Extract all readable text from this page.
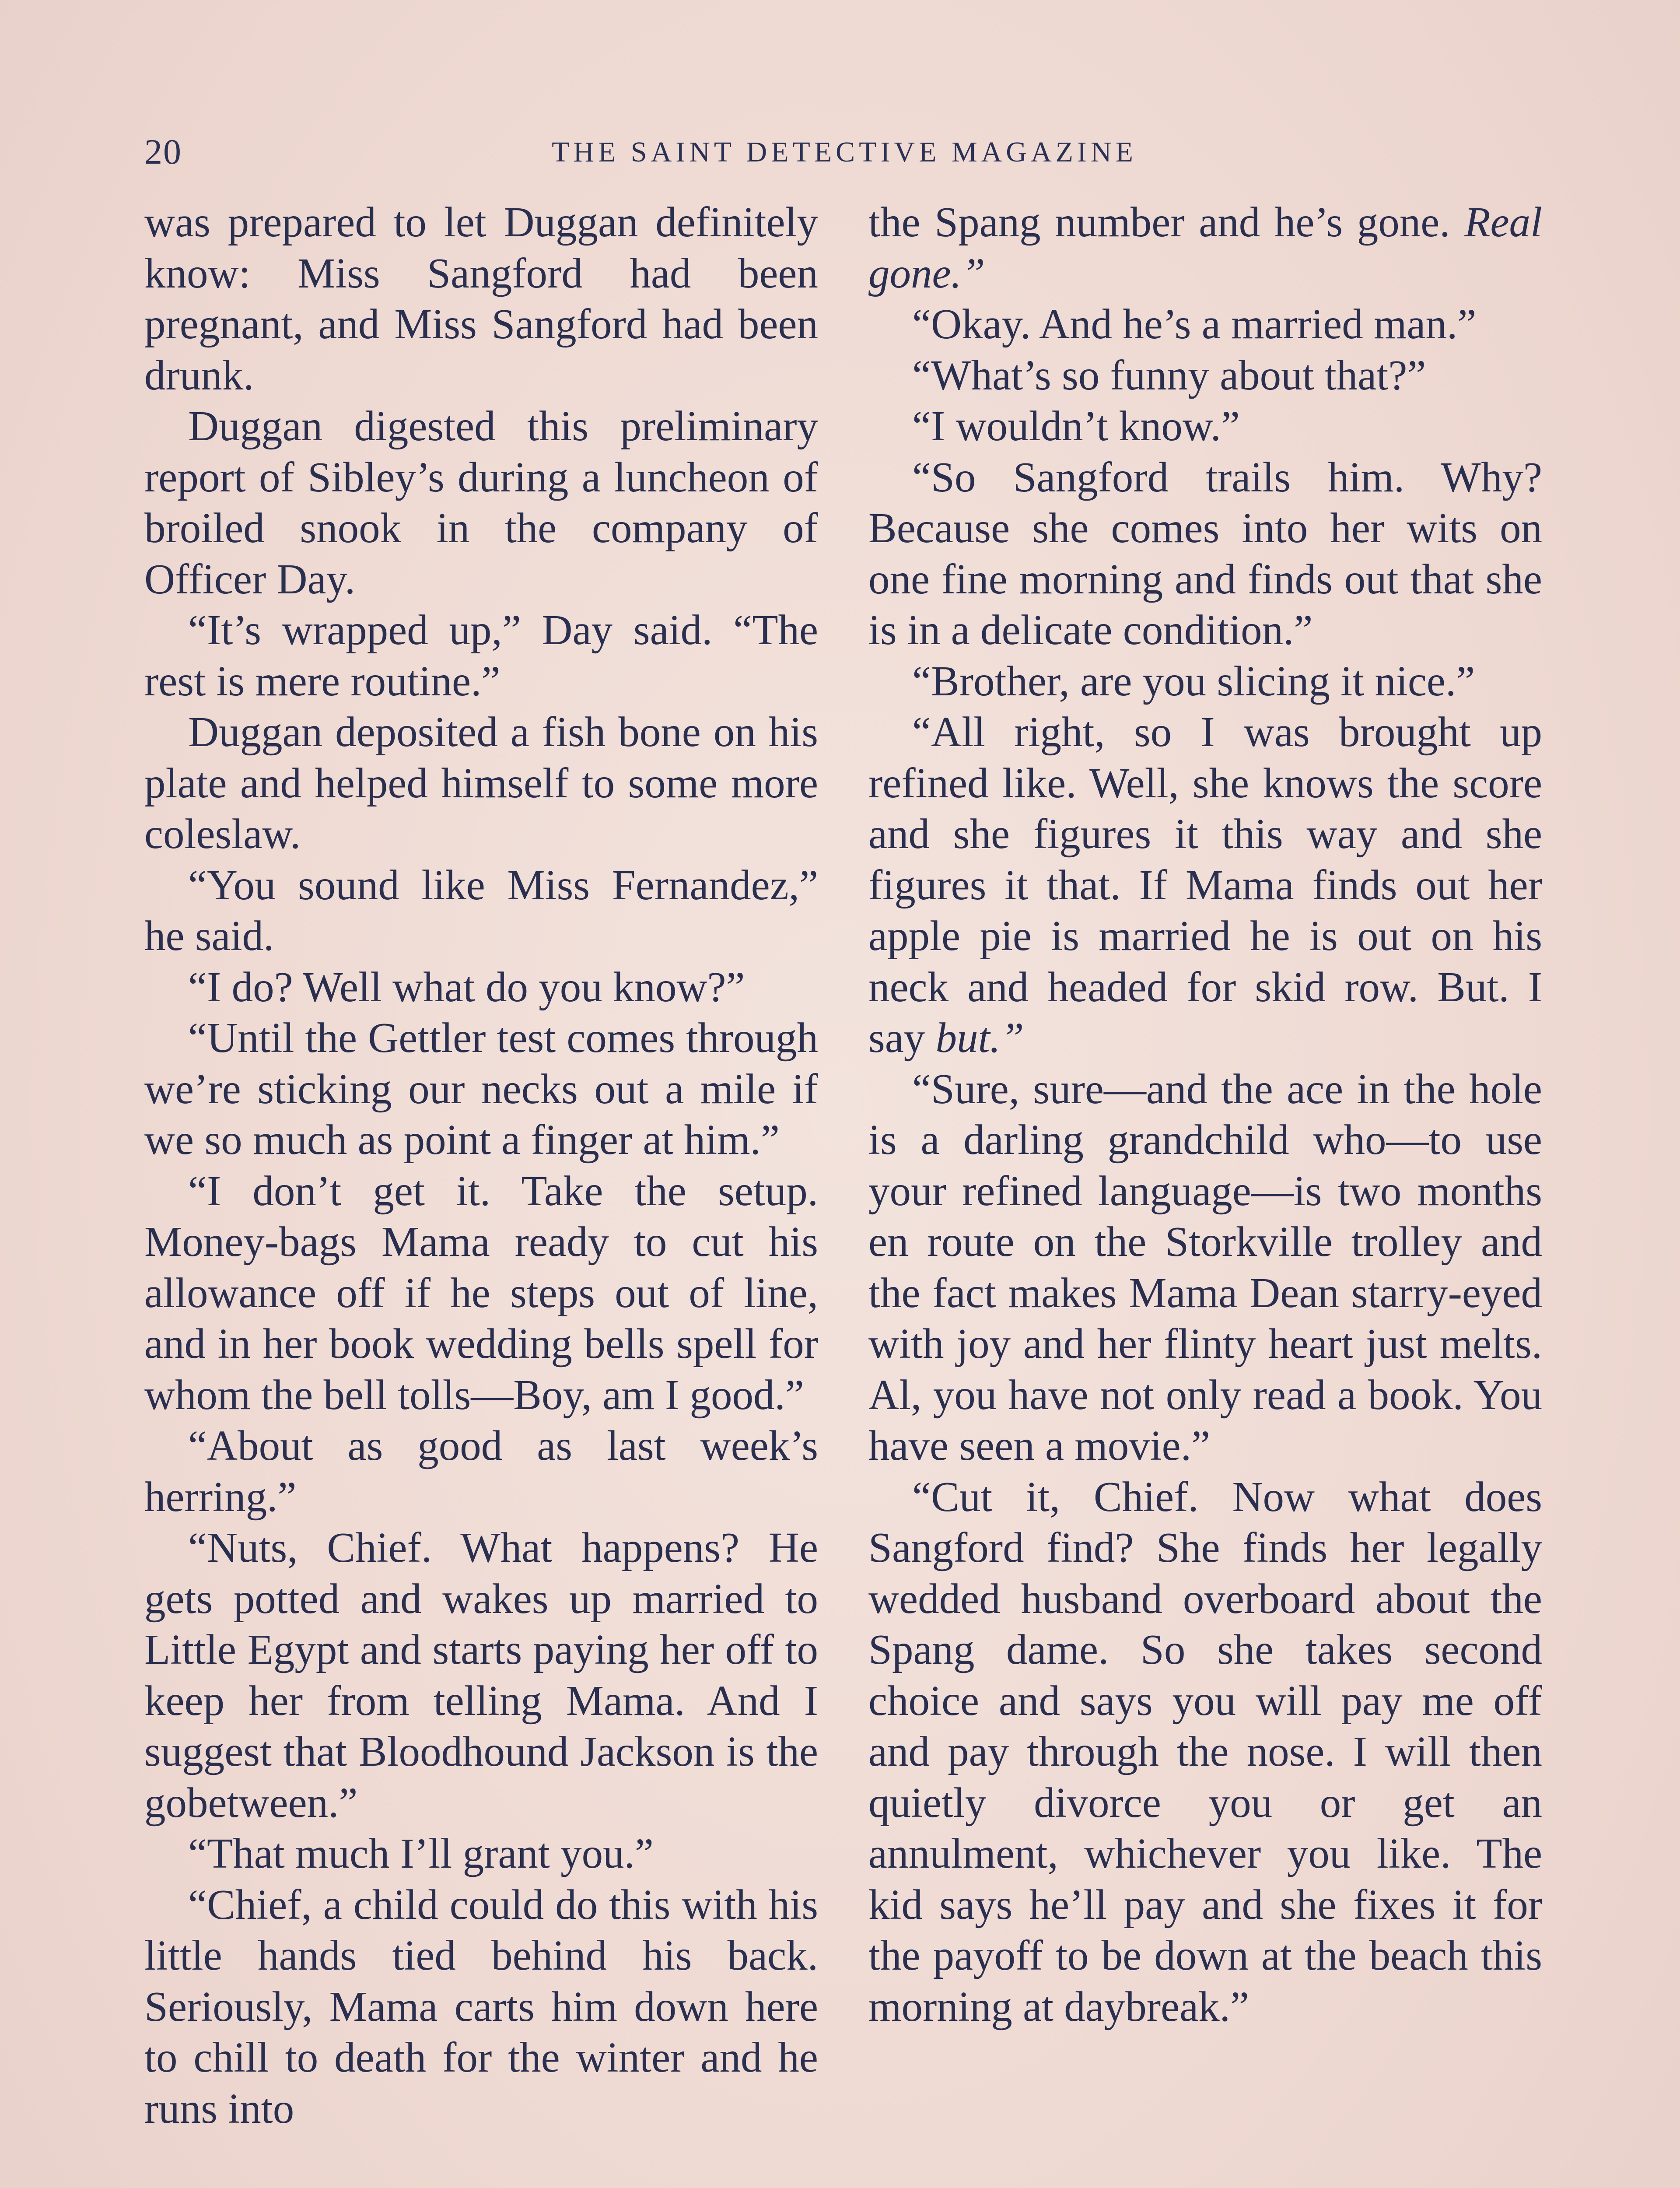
20	THE SAINT DETECTIVE MAGAZINE

was prepared to let Duggan definitely know: Miss Sangford had been pregnant, and Miss Sangford had been drunk.

Duggan digested this preliminary report of Sibley’s during a luncheon of broiled snook in the company of Officer Day.

“It’s wrapped up,” Day said. “The rest is mere routine.”

Duggan deposited a fish bone on his plate and helped himself to some more coleslaw.

“You sound like Miss Fernandez,” he said.

“I do? Well what do you know?”

“Until the Gettler test comes through we’re sticking our necks out a mile if we so much as point a finger at him.”

“I don’t get it. Take the setup. Money-bags Mama ready to cut his allowance off if he steps out of line, and in her book wedding bells spell for whom the bell tolls—Boy, am I good.”

“About as good as last week’s herring.”

“Nuts, Chief. What happens? He gets potted and wakes up married to Little Egypt and starts paying her off to keep her from telling Mama. And I suggest that Bloodhound Jackson is the gobetween.”

“That much I’ll grant you.”

“Chief, a child could do this with his little hands tied behind his back. Seriously, Mama carts him down here to chill to death for the winter and he runs into

the Spang number and he’s gone. Real gone.”

“Okay. And he’s a married man.”

“What’s so funny about that?”

“I wouldn’t know.”

“So Sangford trails him. Why? Because she comes into her wits on one fine morning and finds out that she is in a delicate condition.”

“Brother, are you slicing it nice.”

“All right, so I was brought up refined like. Well, she knows the score and she figures it this way and she figures it that. If Mama finds out her apple pie is married he is out on his neck and headed for skid row. But. I say but.”

“Sure, sure—and the ace in the hole is a darling grandchild who—to use your refined language—is two months en route on the Storkville trolley and the fact makes Mama Dean starry-eyed with joy and her flinty heart just melts. Al, you have not only read a book. You have seen a movie.”

“Cut it, Chief. Now what does Sangford find? She finds her legally wedded husband overboard about the Spang dame. So she takes second choice and says you will pay me off and pay through the nose. I will then quietly divorce you or get an annulment, whichever you like. The kid says he’ll pay and she fixes it for the payoff to be down at the beach this morning at daybreak.”
